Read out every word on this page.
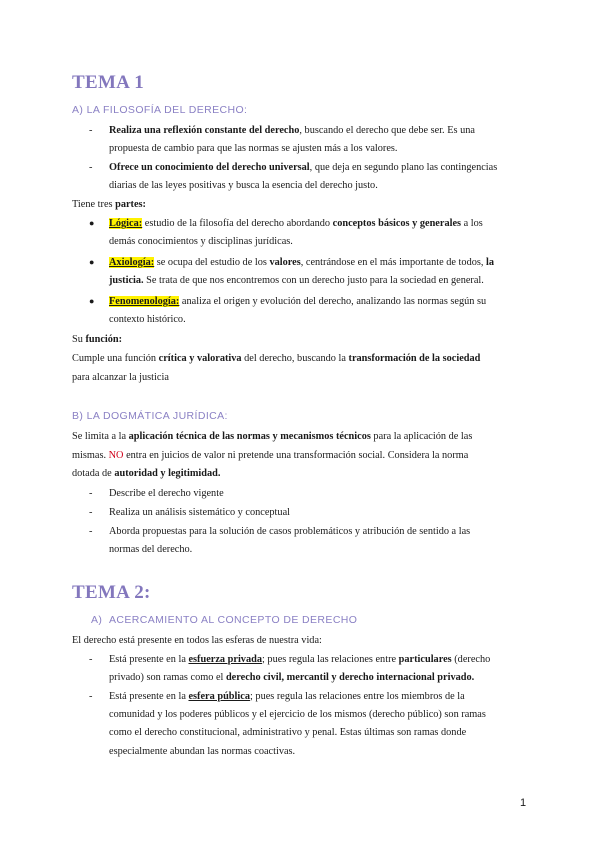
TEMA 1
A) LA FILOSOFÍA DEL DERECHO:
-	Realiza una reflexión constante del derecho, buscando el derecho que debe ser. Es una
propuesta de cambio para que las normas se ajusten más a los valores.
-	Ofrece un conocimiento del derecho universal, que deja en segundo plano las contingencias
diarias de las leyes positivas y busca la esencia del derecho justo.
Tiene tres partes:
●	Lógica: estudio de la filosofía del derecho abordando conceptos básicos y generales a los
demás conocimientos y disciplinas jurídicas.
●	Axiología: se ocupa del estudio de los valores, centrándose en el más importante de todos, la
justicia. Se trata de que nos encontremos con un derecho justo para la sociedad en general.
●	Fenomenología: analiza el origen y evolución del derecho, analizando las normas según su
contexto histórico.
Su función:
Cumple una función crítica y valorativa del derecho, buscando la transformación de la sociedad
para alcanzar la justicia
B) LA DOGMÁTICA JURÍDICA:
Se limita a la aplicación técnica de las normas y mecanismos técnicos para la aplicación de las
mismas. NO entra en juicios de valor ni pretende una transformación social. Considera la norma
dotada de autoridad y legitimidad.
-	Describe el derecho vigente
-	Realiza un análisis sistemático y conceptual
-	Aborda propuestas para la solución de casos problemáticos y atribución de sentido a las
normas del derecho.
TEMA 2:
A) ACERCAMIENTO AL CONCEPTO DE DERECHO
El derecho está presente en todos las esferas de nuestra vida:
-	Está presente en la esfuerza privada; pues regula las relaciones entre particulares (derecho
privado) son ramas como el derecho civil, mercantil y derecho internacional privado.
-	Está presente en la esfera pública; pues regula las relaciones entre los miembros de la
comunidad y los poderes públicos y el ejercicio de los mismos (derecho público) son ramas
como el derecho constitucional, administrativo y penal. Estas últimas son ramas donde
especialmente abundan las normas coactivas.
1
